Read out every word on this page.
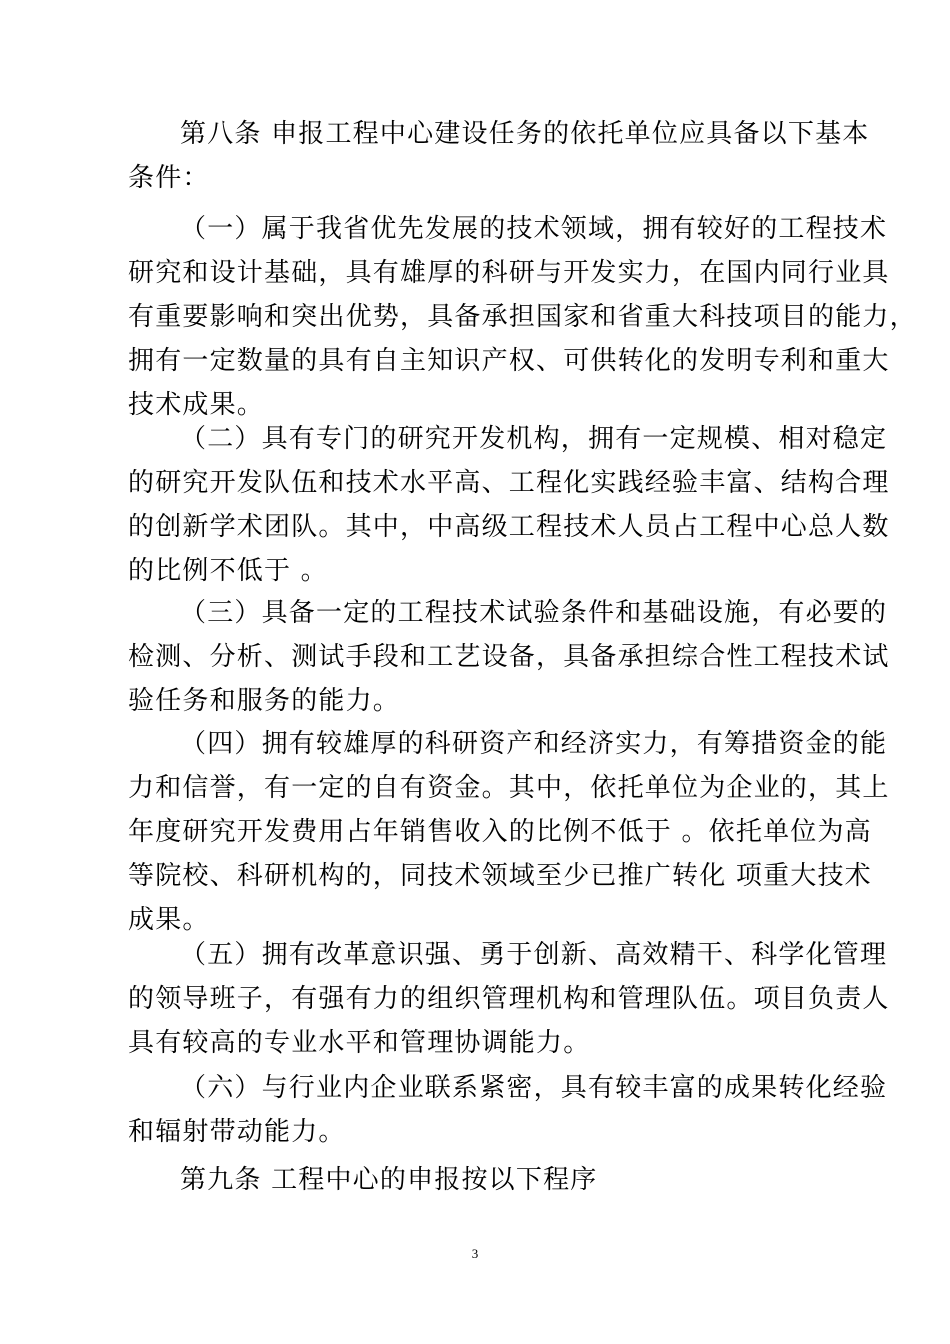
第八条 申报工程中心建设任务的依托单位应具备以下基本
条件：
（一）属于我省优先发展的技术领域，拥有较好的工程技术
研究和设计基础，具有雄厚的科研与开发实力，在国内同行业具
有重要影响和突出优势，具备承担国家和省重大科技项目的能力，
拥有一定数量的具有自主知识产权、可供转化的发明专利和重大
技术成果。
（二）具有专门的研究开发机构，拥有一定规模、相对稳定
的研究开发队伍和技术水平高、工程化实践经验丰富、结构合理
的创新学术团队。其中，中高级工程技术人员占工程中心总人数
的比例不低于 。
（三）具备一定的工程技术试验条件和基础设施，有必要的
检测、分析、测试手段和工艺设备，具备承担综合性工程技术试
验任务和服务的能力。
（四）拥有较雄厚的科研资产和经济实力，有筹措资金的能
力和信誉，有一定的自有资金。其中，依托单位为企业的，其上
年度研究开发费用占年销售收入的比例不低于 。依托单位为高
等院校、科研机构的，同技术领域至少已推广转化 项重大技术
成果。
（五）拥有改革意识强、勇于创新、高效精干、科学化管理
的领导班子，有强有力的组织管理机构和管理队伍。项目负责人
具有较高的专业水平和管理协调能力。
（六）与行业内企业联系紧密，具有较丰富的成果转化经验
和辐射带动能力。
第九条 工程中心的申报按以下程序
3
